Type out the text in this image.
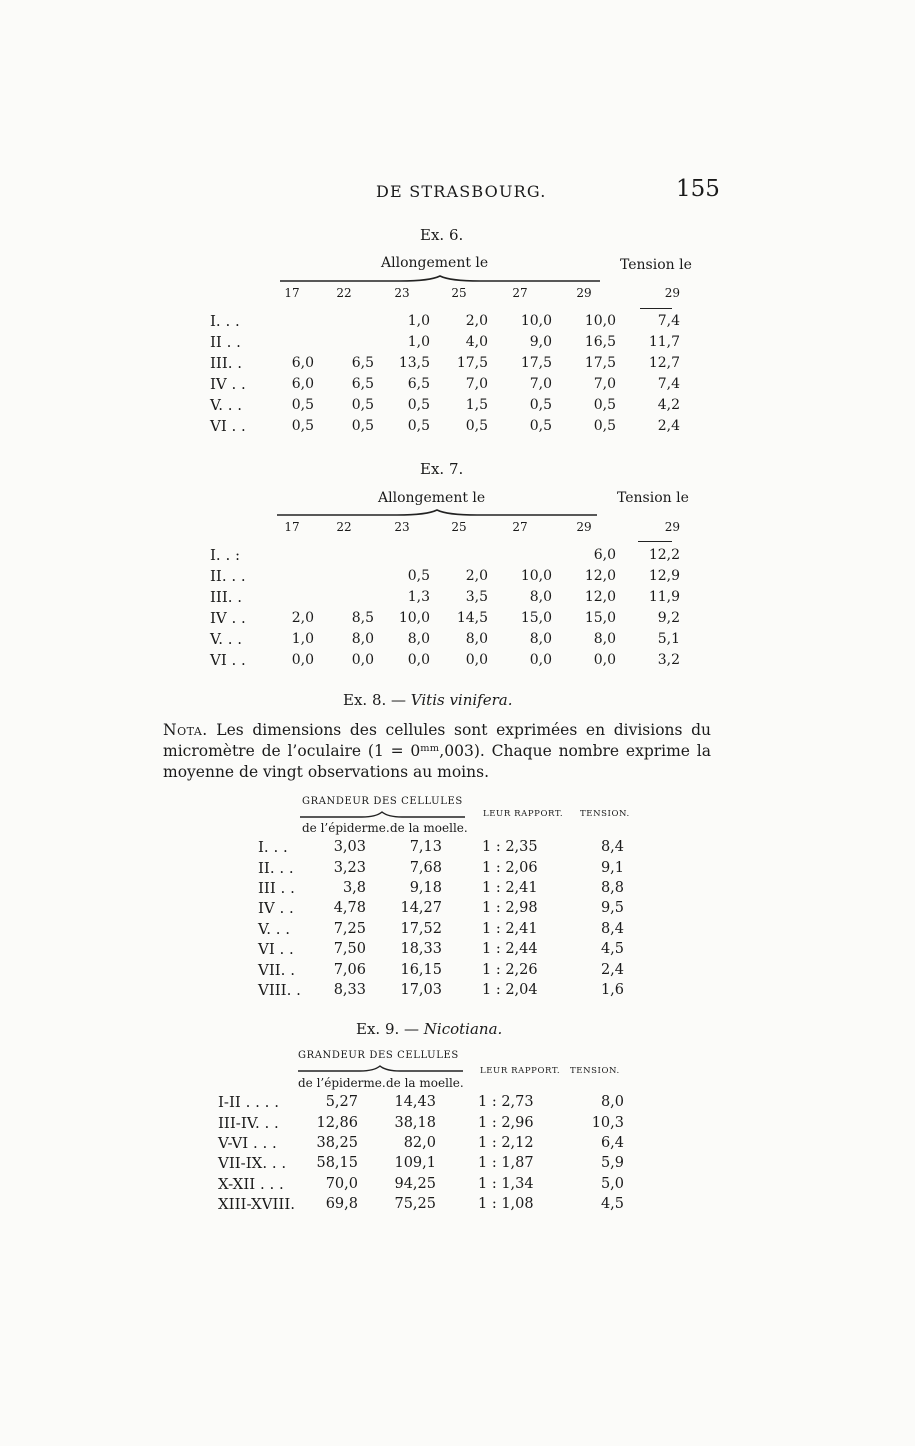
DE STRASBOURG.	155
Ex. 6.
Allongement le	Tension le
	17	22	23	25	27	29	29
I. . .			1,0	2,0	10,0	10,0	7,4
II . .			1,0	4,0	9,0	16,5	11,7
III. .	6,0	6,5	13,5	17,5	17,5	17,5	12,7
IV . .	6,0	6,5	6,5	7,0	7,0	7,0	7,4
V. . .	0,5	0,5	0,5	1,5	0,5	0,5	4,2
VI . .	0,5	0,5	0,5	0,5	0,5	0,5	2,4
Ex. 7.
Allongement le	Tension le
	17	22	23	25	27	29	29
I. . :						6,0	12,2
II. . .			0,5	2,0	10,0	12,0	12,9
III. .			1,3	3,5	8,0	12,0	11,9
IV . .	2,0	8,5	10,0	14,5	15,0	15,0	9,2
V. . .	1,0	8,0	8,0	8,0	8,0	8,0	5,1
VI . .	0,0	0,0	0,0	0,0	0,0	0,0	3,2
Ex. 8. — Vitis vinifera.
Nota. Les dimensions des cellules sont exprimées en divisions du micromètre de l’oculaire (1 = 0ᵐᵐ,003). Chaque nombre exprime la moyenne de vingt observations au moins.
GRANDEUR DES CELLULES
LEUR RAPPORT. TENSION.
de l’épiderme. de la moelle.
I. . .	3,03	7,13		1 : 2,35	8,4
II. . .	3,23	7,68		1 : 2,06	9,1
III . .	3,8	9,18		1 : 2,41	8,8
IV . .	4,78	14,27		1 : 2,98	9,5
V. . .	7,25	17,52		1 : 2,41	8,4
VI . .	7,50	18,33		1 : 2,44	4,5
VII. .	7,06	16,15		1 : 2,26	2,4
VIII. .	8,33	17,03		1 : 2,04	1,6
Ex. 9. — Nicotiana.
GRANDEUR DES CELLULES
LEUR RAPPORT. TENSION.
de l’épiderme. de la moelle.
I-II . . . .	5,27	14,43		1 : 2,73	8,0
III-IV. . .	12,86	38,18		1 : 2,96	10,3
V-VI . . .	38,25	82,0		1 : 2,12	6,4
VII-IX. . .	58,15	109,1		1 : 1,87	5,9
X-XII . . .	70,0	94,25		1 : 1,34	5,0
XIII-XVIII.	69,8	75,25		1 : 1,08	4,5
